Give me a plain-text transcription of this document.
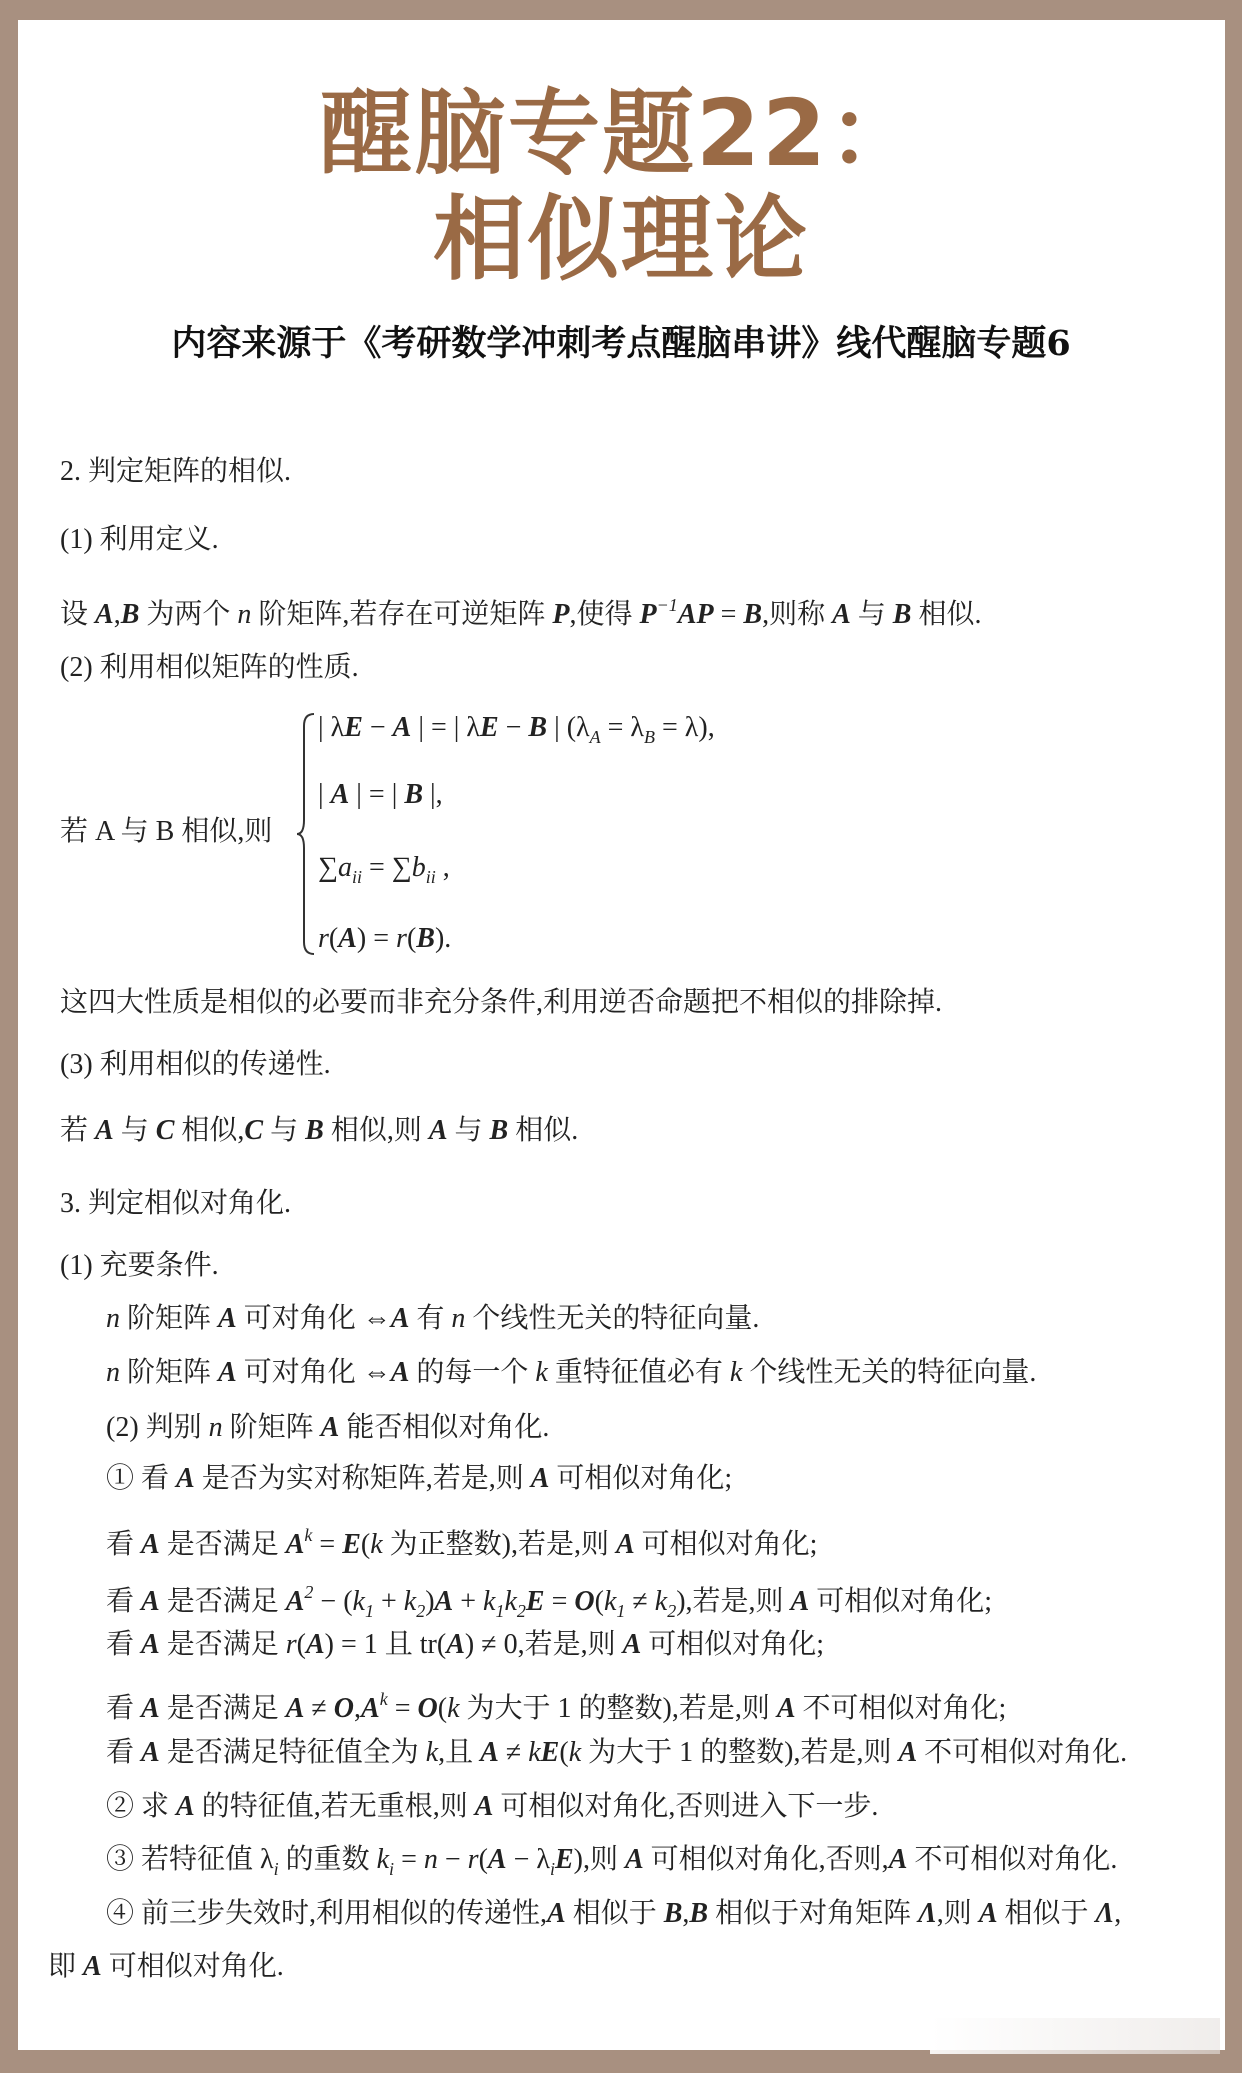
醒脑专题22：
相似理论
内容来源于《考研数学冲刺考点醒脑串讲》线代醒脑专题6
若 A 与 B 相似,则
2. 判定矩阵的相似.
(1) 利用定义.
设 A,B 为两个 n 阶矩阵,若存在可逆矩阵 P,使得 $P^{-1}AP = B$,则称 A 与 B 相似.
(2) 利用相似矩阵的性质.
| λE − A | = | λE − B | $(\lambda_A = \lambda_B = \lambda)$,
| A | = | B |,
$\sum a_{ii} = \sum b_{ii}$ ,
r(A) = r(B).
这四大性质是相似的必要而非充分条件,利用逆否命题把不相似的排除掉.
(3) 利用相似的传递性.
若 A 与 C 相似,C 与 B 相似,则 A 与 B 相似.
3. 判定相似对角化.
(1) 充要条件.
n 阶矩阵 A 可对角化 ⇔A 有 n 个线性无关的特征向量.
n 阶矩阵 A 可对角化 ⇔A 的每一个 k 重特征值必有 k 个线性无关的特征向量.
(2) 判别 n 阶矩阵 A 能否相似对角化.
① 看 A 是否为实对称矩阵,若是,则 A 可相似对角化;
看 A 是否满足 $A^k = E(k$ 为正整数),若是,则 A 可相似对角化;
看 A 是否满足 $A^2 - (k_1 + k_2)A + k_1k_2E = O(k_1 \ne k_2)$,若是,则 A 可相似对角化;
看 A 是否满足 r(A) = 1 且 tr(A) ≠ 0,若是,则 A 可相似对角化;
看 A 是否满足 $A \ne O,A^k = O(k$ 为大于 1 的整数),若是,则 A 不可相似对角化;
看 A 是否满足特征值全为 k,且 A ≠ kE(k 为大于 1 的整数),若是,则 A 不可相似对角化.
② 求 A 的特征值,若无重根,则 A 可相似对角化,否则进入下一步.
③ 若特征值 $\lambda_i$ 的重数 $k_i = n - r(A - \lambda_iE)$,则 A 可相似对角化,否则,A 不可相似对角化.
④ 前三步失效时,利用相似的传递性,A 相似于 B,B 相似于对角矩阵 Λ,则 A 相似于 Λ,
即 A 可相似对角化.
